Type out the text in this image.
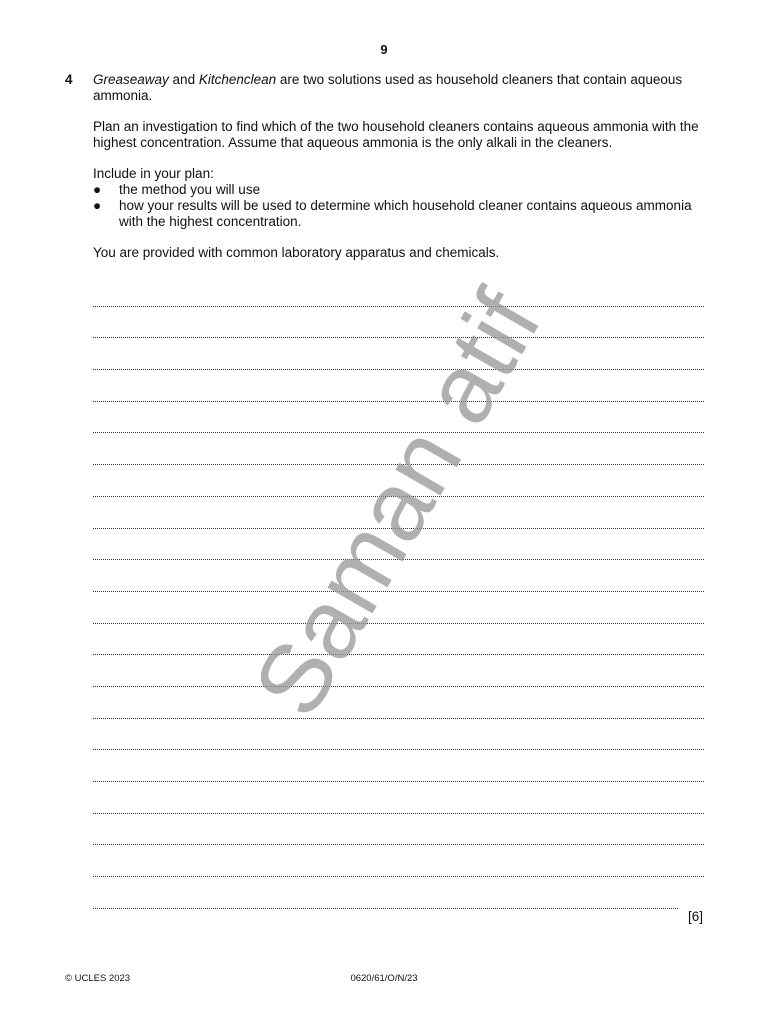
9
4 Greaseaway and Kitchenclean are two solutions used as household cleaners that contain aqueous ammonia.

Plan an investigation to find which of the two household cleaners contains aqueous ammonia with the highest concentration. Assume that aqueous ammonia is the only alkali in the cleaners.

Include in your plan:
● the method you will use
● how your results will be used to determine which household cleaner contains aqueous ammonia with the highest concentration.

You are provided with common laboratory apparatus and chemicals.

[6]
Saman atif
© UCLES 2023	0620/61/O/N/23
